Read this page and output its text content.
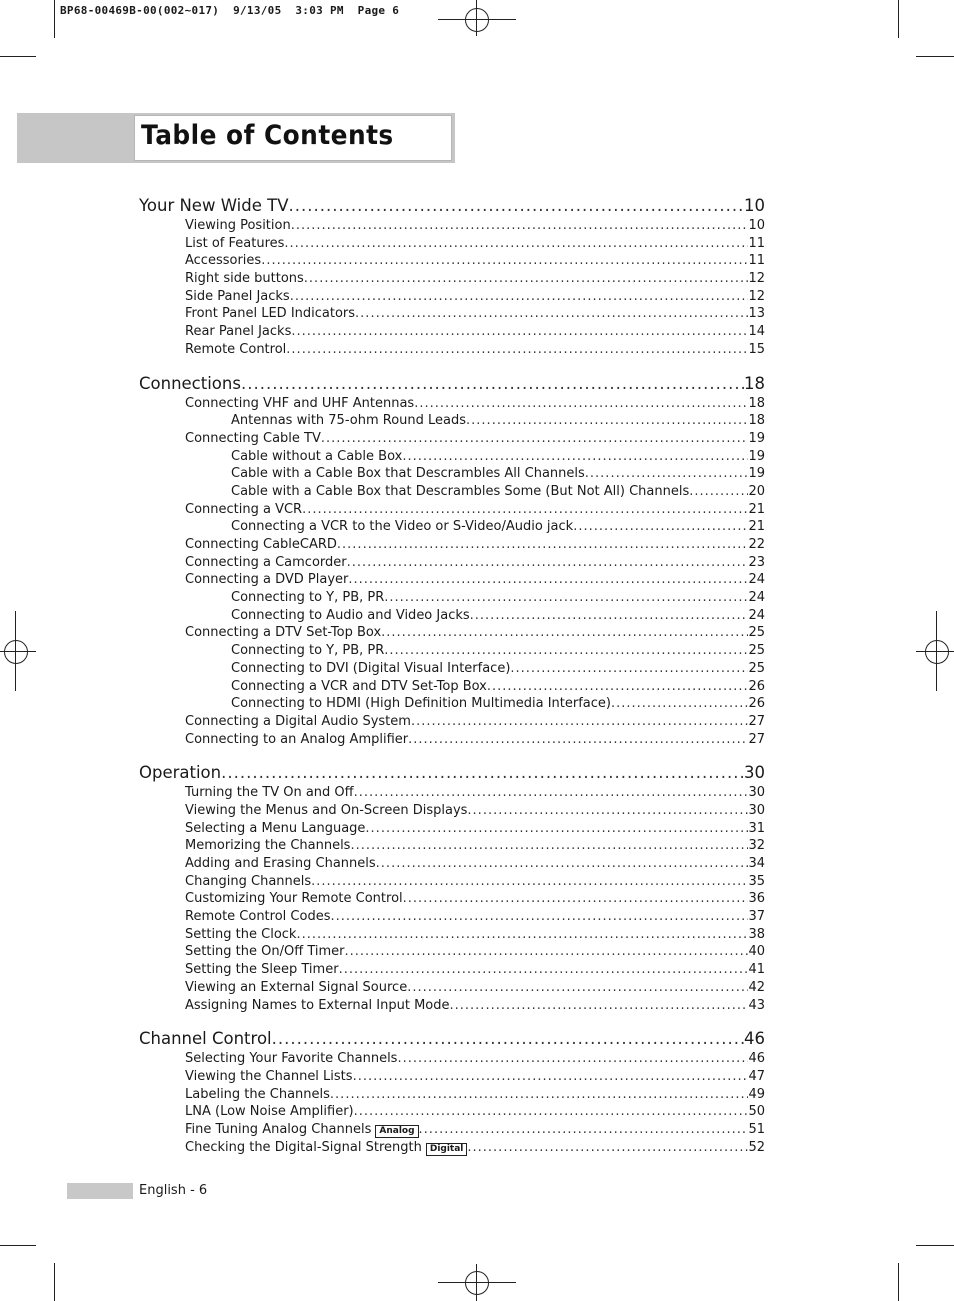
BP68-00469B-00(002~017)  9/13/05  3:03 PM  Page 6
Table of Contents
Your New Wide TV .....	10
Viewing Position .....	10
List of Features .....	11
Accessories .....	11
Right side buttons .....	12
Side Panel Jacks .....	12
Front Panel LED Indicators .....	13
Rear Panel Jacks .....	14
Remote Control .....	15
Connections .....	18
Connecting VHF and UHF Antennas .....	18
Antennas with 75-ohm Round Leads .....	18
Connecting Cable TV .....	19
Cable without a Cable Box .....	19
Cable with a Cable Box that Descrambles All Channels .....	19
Cable with a Cable Box that Descrambles Some (But Not All) Channels .....	20
Connecting a VCR .....	21
Connecting a VCR to the Video or S-Video/Audio jack .....	21
Connecting CableCARD .....	22
Connecting a Camcorder .....	23
Connecting a DVD Player .....	24
Connecting to Y, PB, PR .....	24
Connecting to Audio and Video Jacks .....	24
Connecting a DTV Set-Top Box .....	25
Connecting to Y, PB, PR .....	25
Connecting to DVI (Digital Visual Interface) .....	25
Connecting a VCR and DTV Set-Top Box .....	26
Connecting to HDMI (High Definition Multimedia Interface) .....	26
Connecting a Digital Audio System .....	27
Connecting to an Analog Amplifier .....	27
Operation .....	30
Turning the TV On and Off .....	30
Viewing the Menus and On-Screen Displays .....	30
Selecting a Menu Language .....	31
Memorizing the Channels .....	32
Adding and Erasing Channels .....	34
Changing Channels .....	35
Customizing Your Remote Control .....	36
Remote Control Codes .....	37
Setting the Clock .....	38
Setting the On/Off Timer .....	40
Setting the Sleep Timer .....	41
Viewing an External Signal Source .....	42
Assigning Names to External Input Mode .....	43
Channel Control .....	46
Selecting Your Favorite Channels .....	46
Viewing the Channel Lists .....	47
Labeling the Channels .....	49
LNA (Low Noise Amplifier) .....	50
Fine Tuning Analog Channels Analog .....	51
Checking the Digital-Signal Strength Digital .....	52
English - 6
